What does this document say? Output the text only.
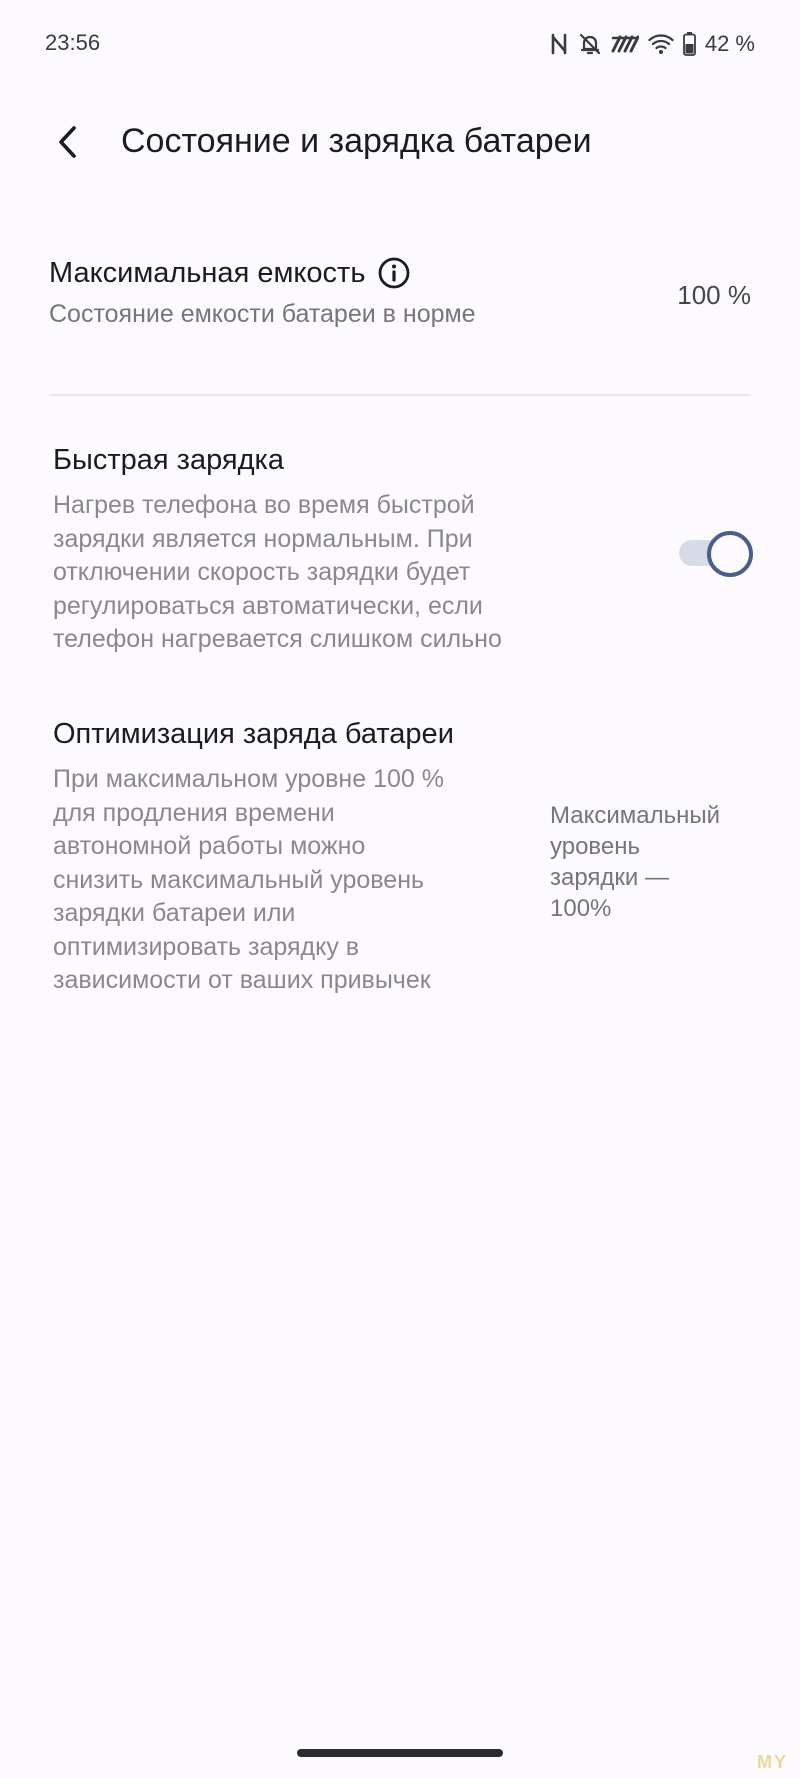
23:56	42 %
Состояние и зарядка батареи
Максимальная емкость
Состояние емкости батареи в норме
100 %
Быстрая зарядка
Нагрев телефона во время быстрой
зарядки является нормальным. При
отключении скорость зарядки будет
регулироваться автоматически, если
телефон нагревается слишком сильно
Оптимизация заряда батареи
При максимальном уровне 100 %
для продления времени
автономной работы можно
снизить максимальный уровень
зарядки батареи или
оптимизировать зарядку в
зависимости от ваших привычек
Максимальный
уровень
зарядки —
100%
MY
